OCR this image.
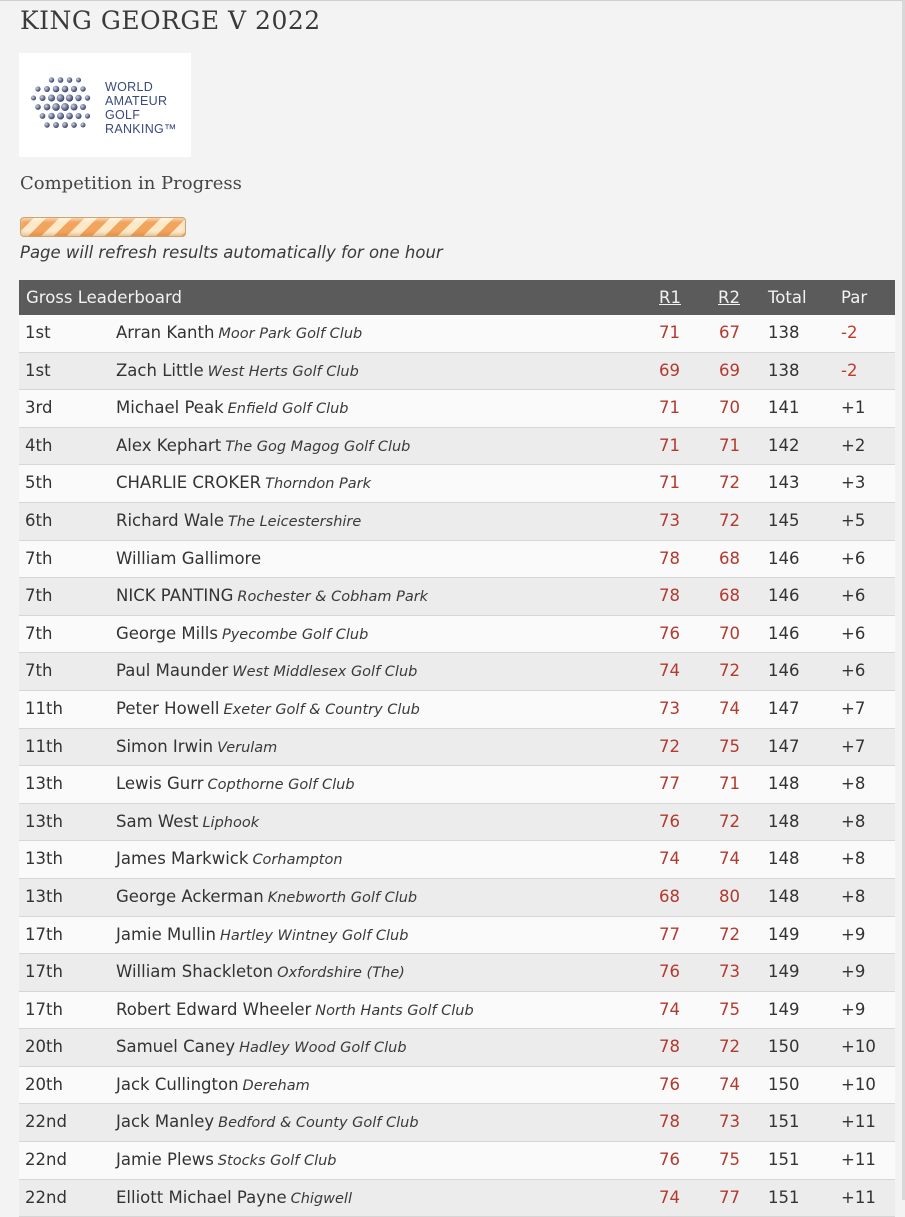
KING GEORGE V 2022
WORLD
AMATEUR
GOLF
RANKING™
Competition in Progress
Page will refresh results automatically for one hour
Gross Leaderboard	R1 R2 Total Par
1st	Arran Kanth Moor Park Golf Club	71 67 138	-2
1st	Zach Little West Herts Golf Club	69 69 138	-2
3rd	Michael Peak Enfield Golf Club	71 70 141	+1
4th	Alex Kephart The Gog Magog Golf Club	71 71 142	+2
5th	CHARLIE CROKER Thorndon Park	71 72 143	+3
6th	Richard Wale The Leicestershire	73 72 145	+5
7th	William Gallimore	78 68 146	+6
7th	NICK PANTING Rochester & Cobham Park	78 68 146	+6
7th	George Mills Pyecombe Golf Club	76 70 146	+6
7th	Paul Maunder West Middlesex Golf Club	74 72 146	+6
11th	Peter Howell Exeter Golf & Country Club	73 74 147	+7
11th	Simon Irwin Verulam	72 75 147	+7
13th	Lewis Gurr Copthorne Golf Club	77 71 148	+8
13th	Sam West Liphook	76 72 148	+8
13th	James Markwick Corhampton	74 74 148	+8
13th	George Ackerman Knebworth Golf Club	68 80 148	+8
17th	Jamie Mullin Hartley Wintney Golf Club	77 72 149	+9
17th	William Shackleton Oxfordshire (The)	76 73 149	+9
17th	Robert Edward Wheeler North Hants Golf Club	74 75 149	+9
20th	Samuel Caney Hadley Wood Golf Club	78 72 150	+10
20th	Jack Cullington Dereham	76 74 150	+10
22nd	Jack Manley Bedford & County Golf Club	78 73 151	+11
22nd	Jamie Plews Stocks Golf Club	76 75 151	+11
22nd	Elliott Michael Payne Chigwell	74 77 151	+11
